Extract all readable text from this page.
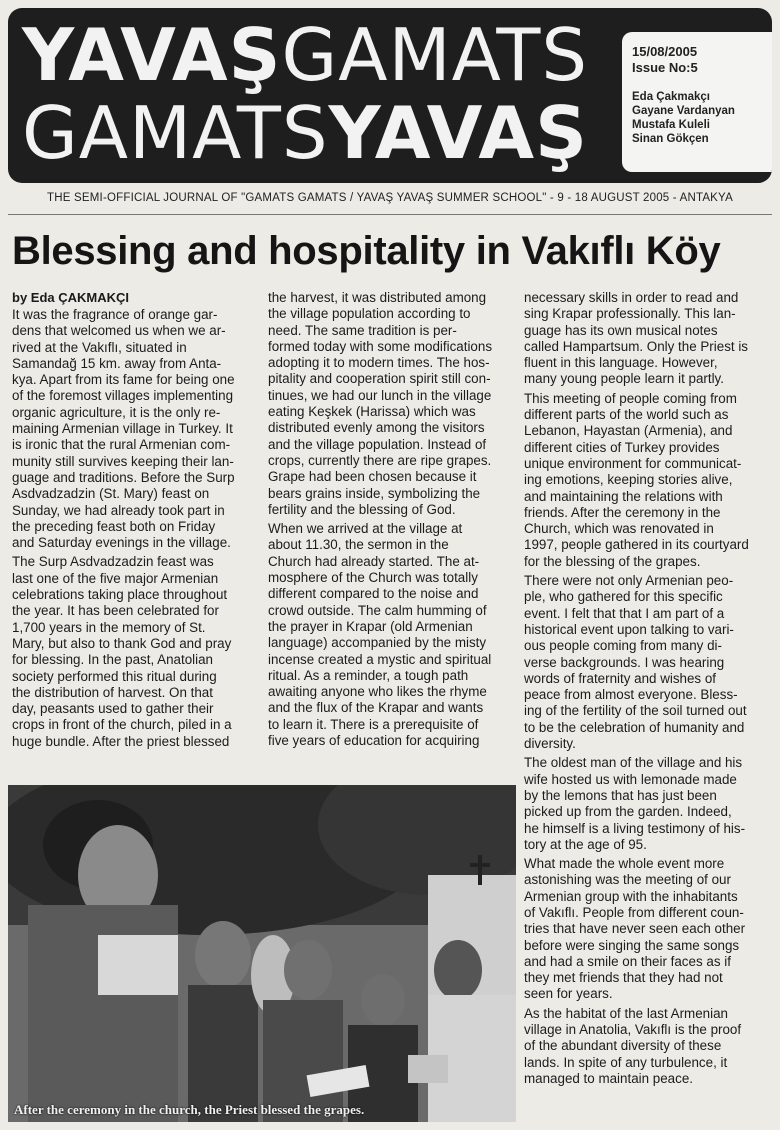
YAVAŞGAMATS
GAMATSYAVAŞ
15/08/2005
Issue No:5
Eda Çakmakçı
Gayane Vardanyan
Mustafa Kuleli
Sinan Gökçen
THE SEMI-OFFICIAL JOURNAL OF "GAMATS GAMATS / YAVAŞ YAVAŞ SUMMER SCHOOL" - 9 - 18 AUGUST 2005 - ANTAKYA
Blessing and hospitality in Vakıflı Köy
by Eda ÇAKMAKÇI

It was the fragrance of orange gar-
dens that welcomed us when we ar-
rived at the Vakıflı, situated in
Samandağ 15 km. away from Anta-
kya. Apart from its fame for being one
of the foremost villages implementing
organic agriculture, it is the only re-
maining Armenian village in Turkey. It
is ironic that the rural Armenian com-
munity still survives keeping their lan-
guage and traditions. Before the Surp
Asdvadzadzin (St. Mary) feast on
Sunday, we had already took part in
the preceding feast both on Friday
and Saturday evenings in the village.

The Surp Asdvadzadzin feast was
last one of the five major Armenian
celebrations taking place throughout
the year. It has been celebrated for
1,700 years in the memory of St.
Mary, but also to thank God and pray
for blessing. In the past, Anatolian
society performed this ritual during
the distribution of harvest. On that
day, peasants used to gather their
crops in front of the church, piled in a
huge bundle. After the priest blessed

the harvest, it was distributed among
the village population according to
need. The same tradition is per-
formed today with some modifications
adopting it to modern times. The hos-
pitality and cooperation spirit still con-
tinues, we had our lunch in the village
eating Keşkek (Harissa) which was
distributed evenly among the visitors
and the village population. Instead of
crops, currently there are ripe grapes.
Grape had been chosen because it
bears grains inside, symbolizing the
fertility and the blessing of God.

When we arrived at the village at
about 11.30, the sermon in the
Church had already started. The at-
mosphere of the Church was totally
different compared to the noise and
crowd outside. The calm humming of
the prayer in Krapar (old Armenian
language) accompanied by the misty
incense created a mystic and spiritual
ritual. As a reminder, a tough path
awaiting anyone who likes the rhyme
and the flux of the Krapar and wants
to learn it. There is a prerequisite of
five years of education for acquiring

necessary skills in order to read and
sing Krapar professionally. This lan-
guage has its own musical notes
called Hampartsum. Only the Priest is
fluent in this language. However,
many young people learn it partly.

This meeting of people coming from
different parts of the world such as
Lebanon, Hayastan (Armenia), and
different cities of Turkey provides
unique environment for communicat-
ing emotions, keeping stories alive,
and maintaining the relations with
friends. After the ceremony in the
Church, which was renovated in
1997, people gathered in its courtyard
for the blessing of the grapes.

There were not only Armenian peo-
ple, who gathered for this specific
event. I felt that that I am part of a
historical event upon talking to vari-
ous people coming from many di-
verse backgrounds. I was hearing
words of fraternity and wishes of
peace from almost everyone. Bless-
ing of the fertility of the soil turned out
to be the celebration of humanity and
diversity.

The oldest man of the village and his
wife hosted us with lemonade made
by the lemons that has just been
picked up from the garden. Indeed,
he himself is a living testimony of his-
tory at the age of 95.

What made the whole event more
astonishing was the meeting of our
Armenian group with the inhabitants
of Vakıflı. People from different coun-
tries that have never seen each other
before were singing the same songs
and had a smile on their faces as if
they met friends that they had not
seen for years.

As the habitat of the last Armenian
village in Anatolia, Vakıflı is the proof
of the abundant diversity of these
lands. In spite of any turbulence, it
managed to maintain peace.

After the ceremony in the church, the Priest blessed the grapes.
